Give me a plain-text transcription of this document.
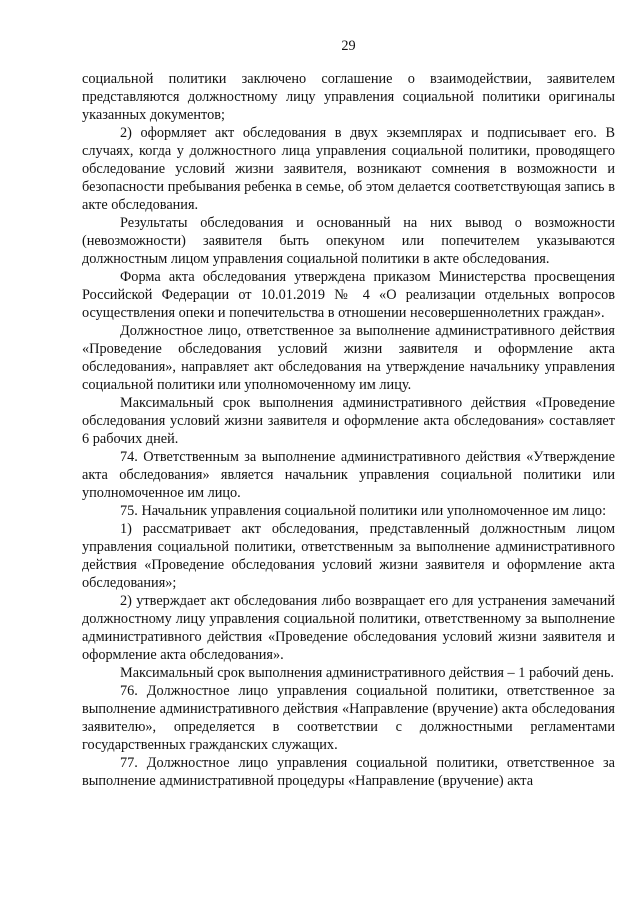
29

социальной политики заключено соглашение о взаимодействии, заявителем представляются должностному лицу управления социальной политики оригиналы указанных документов;

2) оформляет акт обследования в двух экземплярах и подписывает его. В случаях, когда у должностного лица управления социальной политики, проводящего обследование условий жизни заявителя, возникают сомнения в возможности и безопасности пребывания ребенка в семье, об этом делается соответствующая запись в акте обследования.

Результаты обследования и основанный на них вывод о возможности (невозможности) заявителя быть опекуном или попечителем указываются должностным лицом управления социальной политики в акте обследования.

Форма акта обследования утверждена приказом Министерства просвещения Российской Федерации от 10.01.2019 № 4 «О реализации отдельных вопросов осуществления опеки и попечительства в отношении несовершеннолетних граждан».

Должностное лицо, ответственное за выполнение административного действия «Проведение обследования условий жизни заявителя и оформление акта обследования», направляет акт обследования на утверждение начальнику управления социальной политики или уполномоченному им лицу.

Максимальный срок выполнения административного действия «Проведение обследования условий жизни заявителя и оформление акта обследования» составляет 6 рабочих дней.

74. Ответственным за выполнение административного действия «Утверждение акта обследования» является начальник управления социальной политики или уполномоченное им лицо.

75. Начальник управления социальной политики или уполномоченное им лицо:

1) рассматривает акт обследования, представленный должностным лицом управления социальной политики, ответственным за выполнение административного действия «Проведение обследования условий жизни заявителя и оформление акта обследования»;

2) утверждает акт обследования либо возвращает его для устранения замечаний должностному лицу управления социальной политики, ответственному за выполнение административного действия «Проведение обследования условий жизни заявителя и оформление акта обследования».

Максимальный срок выполнения административного действия – 1 рабочий день.

76. Должностное лицо управления социальной политики, ответственное за выполнение административного действия «Направление (вручение) акта обследования заявителю», определяется в соответствии с должностными регламентами государственных гражданских служащих.

77. Должностное лицо управления социальной политики, ответственное за выполнение административной процедуры «Направление (вручение) акта
